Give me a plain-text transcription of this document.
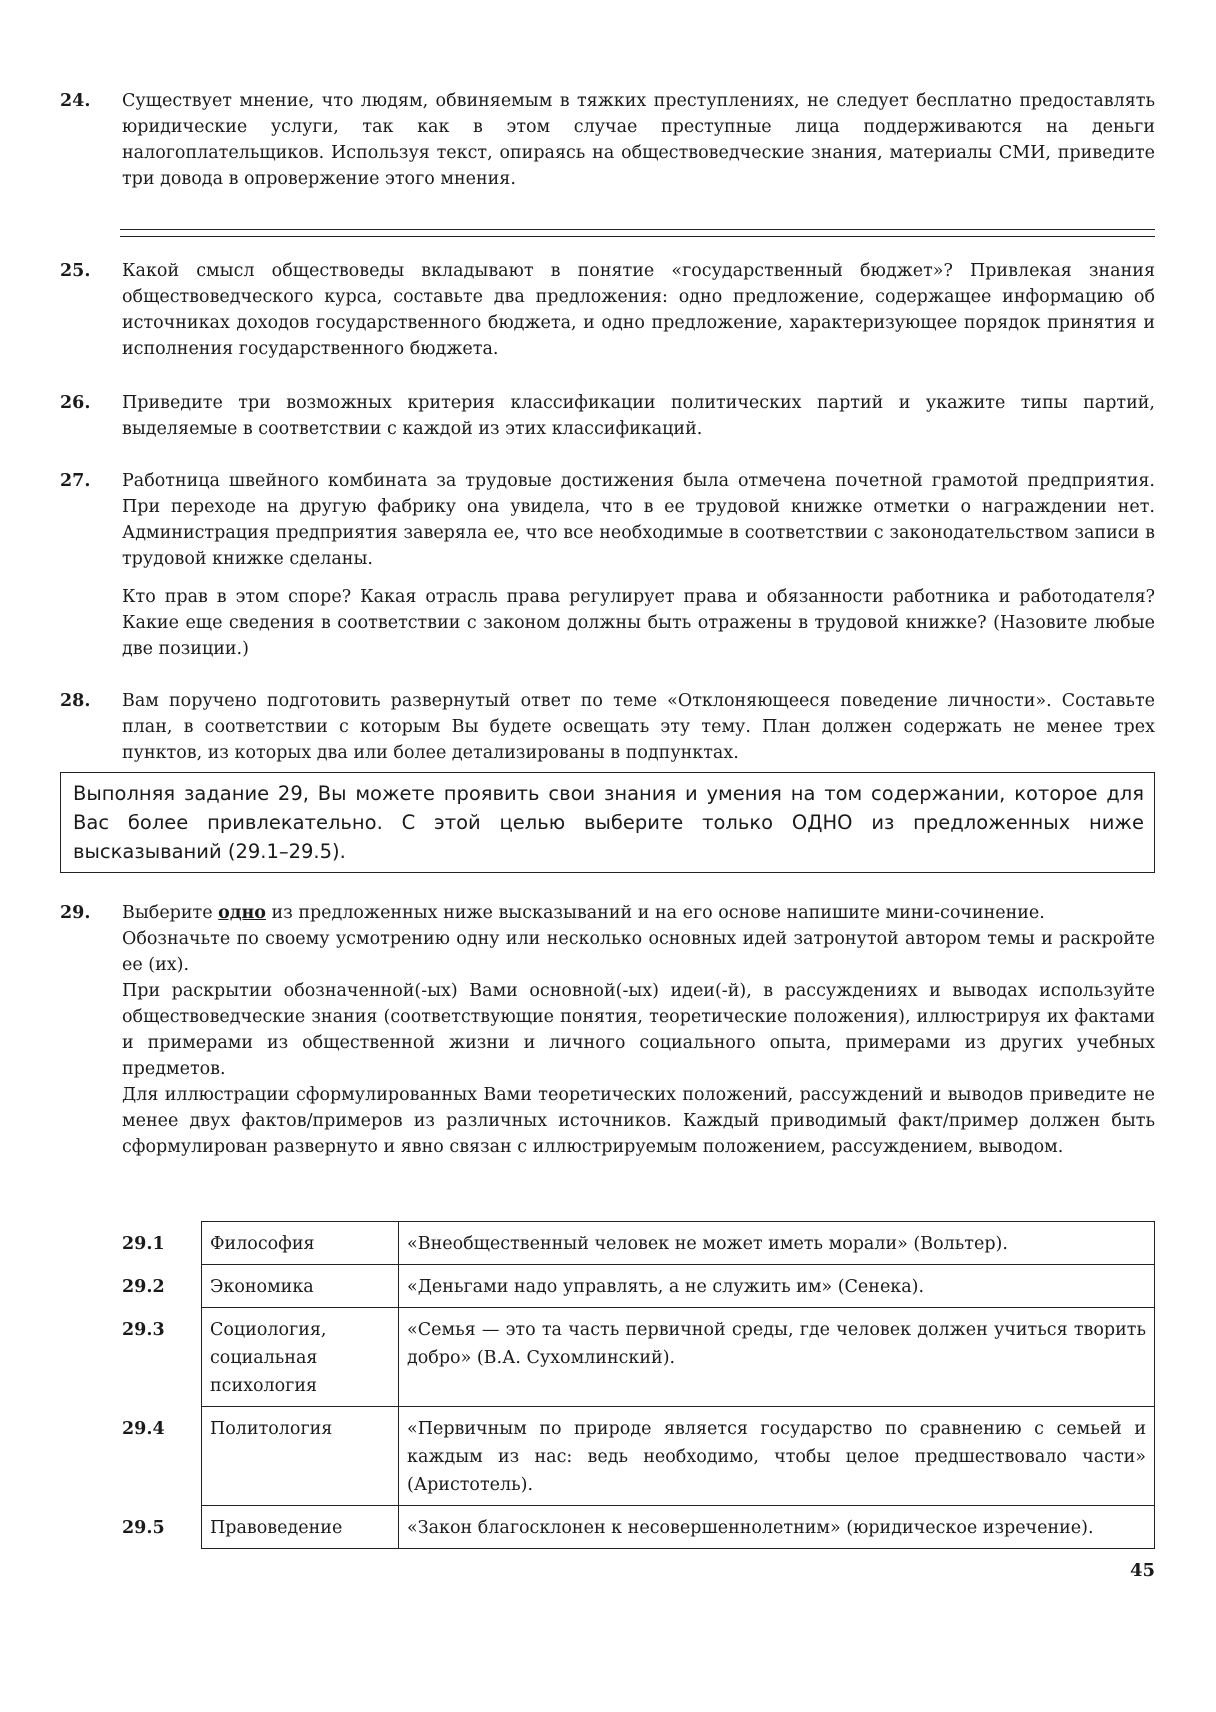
24. Существует мнение, что людям, обвиняемым в тяжких преступлениях, не следует бесплатно предоставлять юридические услуги, так как в этом случае преступные лица поддерживаются на деньги налогоплательщиков. Используя текст, опираясь на обществоведческие знания, материалы СМИ, приведите три довода в опровержение этого мнения.

25. Какой смысл обществоведы вкладывают в понятие «государственный бюджет»? Привлекая знания обществоведческого курса, составьте два предложения: одно предложение, содержащее информацию об источниках доходов государственного бюджета, и одно предложение, характеризующее порядок принятия и исполнения государственного бюджета.

26. Приведите три возможных критерия классификации политических партий и укажите типы партий, выделяемые в соответствии с каждой из этих классификаций.

27. Работница швейного комбината за трудовые достижения была отмечена почетной грамотой предприятия. При переходе на другую фабрику она увидела, что в ее трудовой книжке отметки о награждении нет. Администрация предприятия заверяла ее, что все необходимые в соответствии с законодательством записи в трудовой книжке сделаны.

Кто прав в этом споре? Какая отрасль права регулирует права и обязанности работника и работодателя? Какие еще сведения в соответствии с законом должны быть отражены в трудовой книжке? (Назовите любые две позиции.)

28. Вам поручено подготовить развернутый ответ по теме «Отклоняющееся поведение личности». Составьте план, в соответствии с которым Вы будете освещать эту тему. План должен содержать не менее трех пунктов, из которых два или более детализированы в подпунктах.

Выполняя задание 29, Вы можете проявить свои знания и умения на том содержании, которое для Вас более привлекательно. С этой целью выберите только ОДНО из предложенных ниже высказываний (29.1–29.5).
29. Выберите одно из предложенных ниже высказываний и на его основе напишите мини-сочинение.

Обозначьте по своему усмотрению одну или несколько основных идей затронутой автором темы и раскройте ее (их).

При раскрытии обозначенной(-ых) Вами основной(-ых) идеи(-й), в рассуждениях и выводах используйте обществоведческие знания (соответствующие понятия, теоретические положения), иллюстрируя их фактами и примерами из общественной жизни и личного социального опыта, примерами из других учебных предметов.

Для иллюстрации сформулированных Вами теоретических положений, рассуждений и выводов приведите не менее двух фактов/примеров из различных источников. Каждый приводимый факт/пример должен быть сформулирован развернуто и явно связан с иллюстрируемым положением, рассуждением, выводом.

29.1	Философия	«Внеобщественный человек не может иметь морали» (Вольтер).
29.2	Экономика	«Деньгами надо управлять, а не служить им» (Сенека).
29.3	Социология, социальная психология	«Семья — это та часть первичной среды, где человек должен учиться творить добро» (В.А. Сухомлинский).
29.4	Политология	«Первичным по природе является государство по сравнению с семьей и каждым из нас: ведь необходимо, чтобы целое предшествовало части» (Аристотель).
29.5	Правоведение	«Закон благосклонен к несовершеннолетним» (юридическое изречение).
45
